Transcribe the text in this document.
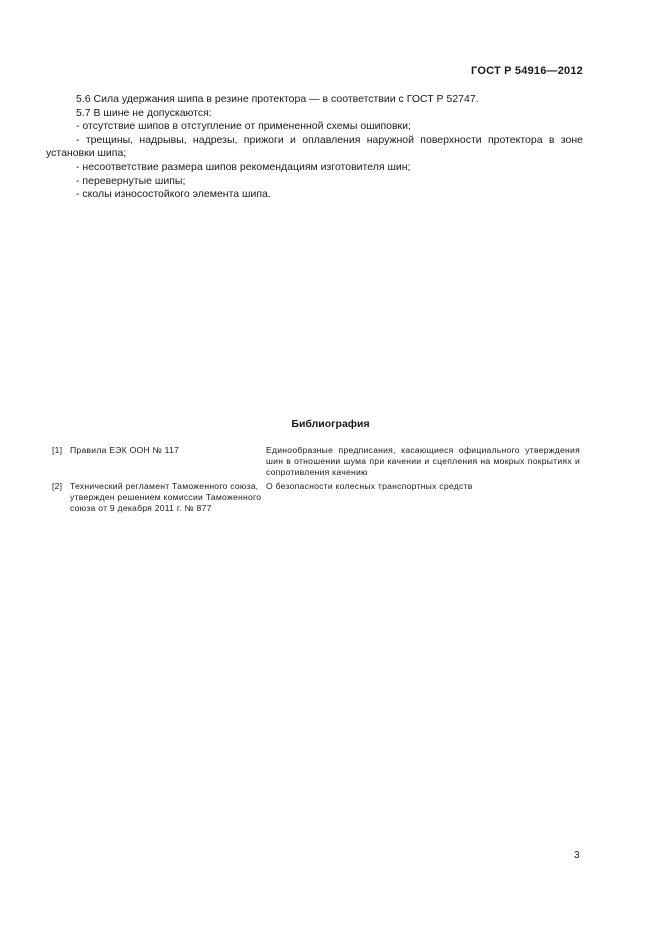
ГОСТ Р 54916—2012

5.6 Сила удержания шипа в резине протектора — в соответствии с ГОСТ Р 52747.

5.7 В шине не допускаются:

- отсутствие шипов в отступление от примененной схемы ошиповки;

- трещины, надрывы, надрезы, прижоги и оплавления наружной поверхности протектора в зоне установки шипа;

- несоответствие размера шипов рекомендациям изготовителя шин;

- перевернутые шипы;

- сколы износостойкого элемента шипа.

Библиография
[1] Правила ЕЭК ООН № 117	Единообразные предписания, касающиеся официального утверждения шин в отношении шума при качении и сцепления на мокрых покрытиях и сопротивления качению
[2] Технический регламент Таможенного союза, утвержден решением комиссии Таможенного союза от 9 декабря 2011 г. № 877
О безопасности колесных транспортных средств
3
